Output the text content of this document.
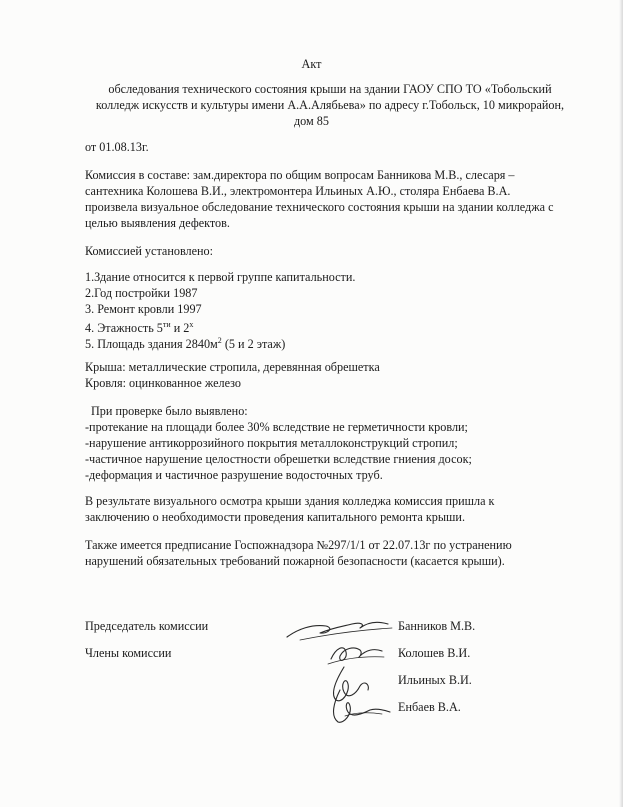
Акт
обследования технического состояния крыши на здании ГАОУ СПО ТО «Тобольский
колледж искусств и культуры имени А.А.Алябьева» по адресу г.Тобольск, 10 микрорайон,
дом 85
от 01.08.13г.
Комиссия в составе: зам.директора по общим вопросам Банникова М.В., слесаря –
сантехника Колошева В.И., электромонтера Ильиных А.Ю., столяра Енбаева В.А.
произвела визуальное обследование технического состояния крыши на здании колледжа с
целью выявления дефектов.
Комиссией установлено:
1.Здание относится к первой группе капитальности.
2.Год постройки 1987
3. Ремонт кровли 1997
4. Этажность $5^{ти}$ и $2^х$
5. Площадь здания $2840м^2$ (5 и 2 этаж)
Крыша: металлические стропила, деревянная обрешетка
Кровля: оцинкованное железо
При проверке было выявлено:
-протекание на площади более 30% вследствие не герметичности кровли;
-нарушение антикоррозийного покрытия металлоконструкций стропил;
-частичное нарушение целостности обрешетки вследствие гниения досок;
-деформация и частичное разрушение водосточных труб.
В результате визуального осмотра крыши здания колледжа комиссия пришла к
заключению о необходимости проведения капитального ремонта крыши.
Также имеется предписание Госпожнадзора №297/1/1 от 22.07.13г по устранению
нарушений обязательных требований пожарной безопасности (касается крыши).
Председатель комиссии
Члены комиссии
Банников М.В.
Колошев В.И.
Ильиных В.И.
Енбаев В.А.
